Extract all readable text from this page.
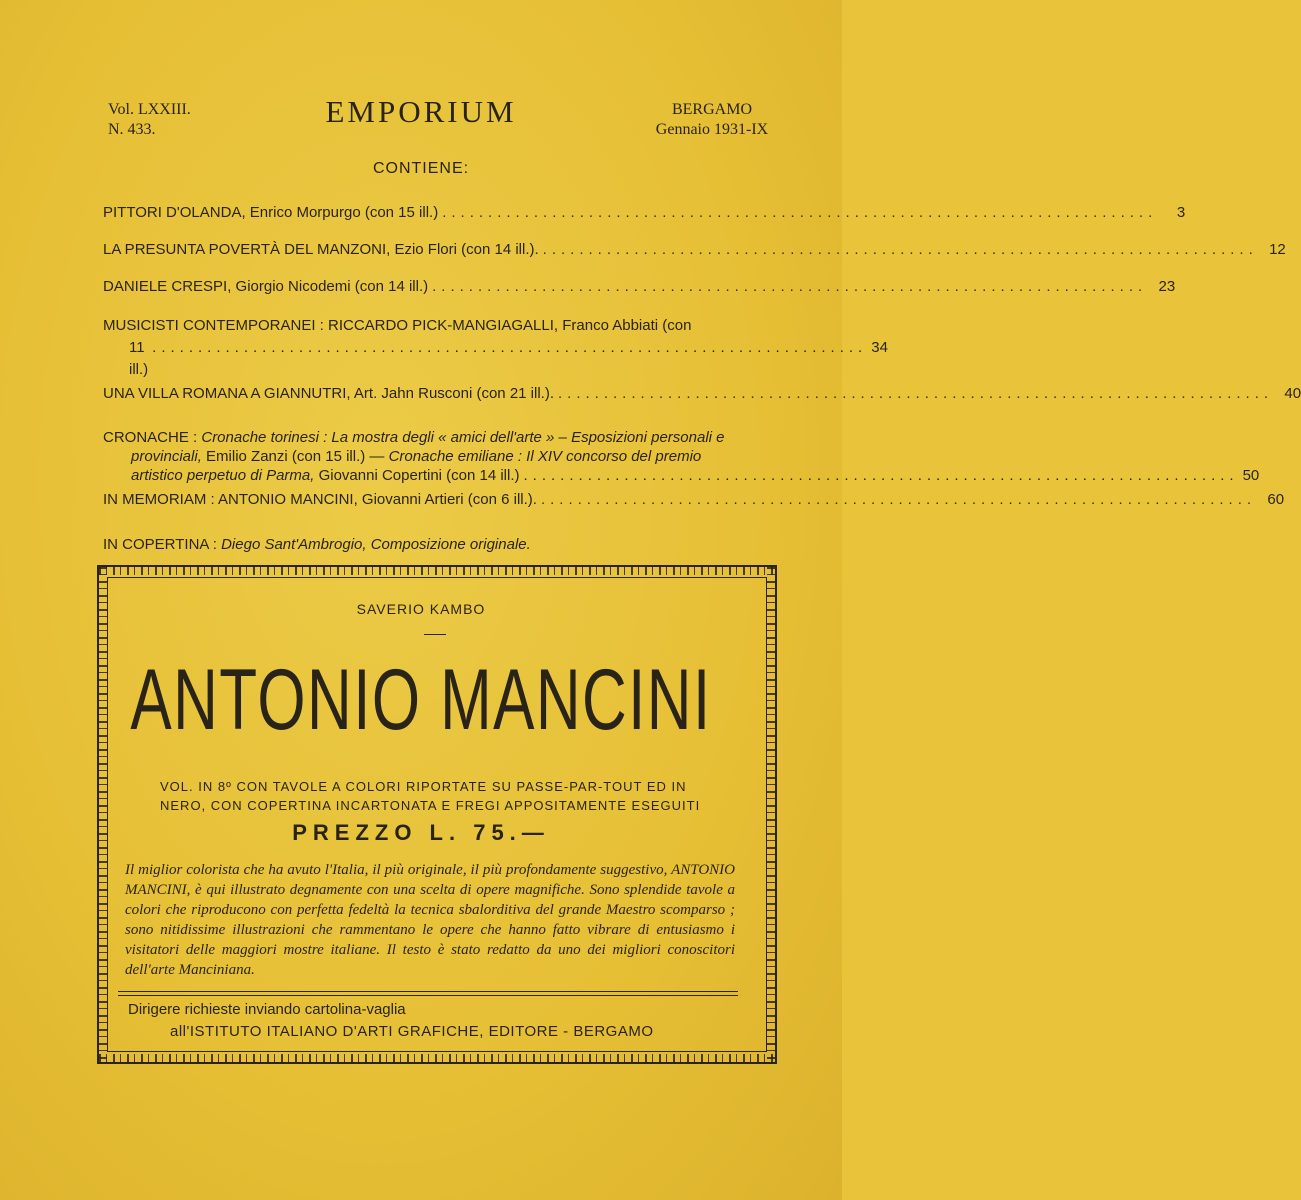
Vol. LXXIII.
N. 433.
EMPORIUM	BERGAMO
Gennaio 1931-IX
CONTIENE:
PITTORI D'OLANDA, Enrico Morpurgo (con 15 ill.) ..............................................................................	3
LA PRESUNTA POVERTÀ DEL MANZONI, Ezio Flori (con 14 ill.). .............................................................................. 12
DANIELE CRESPI, Giorgio Nicodemi (con 14 ill.) .............................................................................. 23
MUSICISTI CONTEMPORANEI : RICCARDO PICK-MANGIAGALLI, Franco Abbiati (con
11 ill.)
.............................................................................. 34
UNA VILLA ROMANA A GIANNUTRI, Art. Jahn Rusconi (con 21 ill.). .............................................................................. 40
CRONACHE : Cronache torinesi : La mostra degli « amici dell'arte » – Esposizioni personali e
provinciali, Emilio Zanzi (con 15 ill.) — Cronache emiliane : Il XIV concorso del premio
artistico perpetuo di Parma, Giovanni Copertini (con 14 ill.) .............................................................................. 50
IN MEMORIAM : ANTONIO MANCINI, Giovanni Artieri (con 6 ill.). .............................................................................. 60
IN COPERTINA : Diego Sant'Ambrogio, Composizione originale.
SAVERIO KAMBO
ANTONIO MANCINI
VOL. IN 8º CON TAVOLE A COLORI RIPORTATE SU PASSE-PAR-TOUT ED IN
NERO, CON COPERTINA INCARTONATA E FREGI APPOSITAMENTE ESEGUITI
PREZZO L. 75.—
Il miglior colorista che ha avuto l'Italia, il più originale, il più profondamente suggestivo, ANTONIO MANCINI, è qui illustrato degnamente con una scelta di opere magnifiche. Sono splendide tavole a colori che riproducono con perfetta fedeltà la tecnica sbalorditiva del grande Maestro scomparso ; sono nitidissime illustrazioni che rammentano le opere che hanno fatto vibrare di entusiasmo i visitatori delle maggiori mostre italiane. Il testo è stato redatto da uno dei migliori conoscitori dell'arte Manciniana.
Dirigere richieste inviando cartolina-vaglia
all'ISTITUTO ITALIANO D'ARTI GRAFICHE, EDITORE - BERGAMO
